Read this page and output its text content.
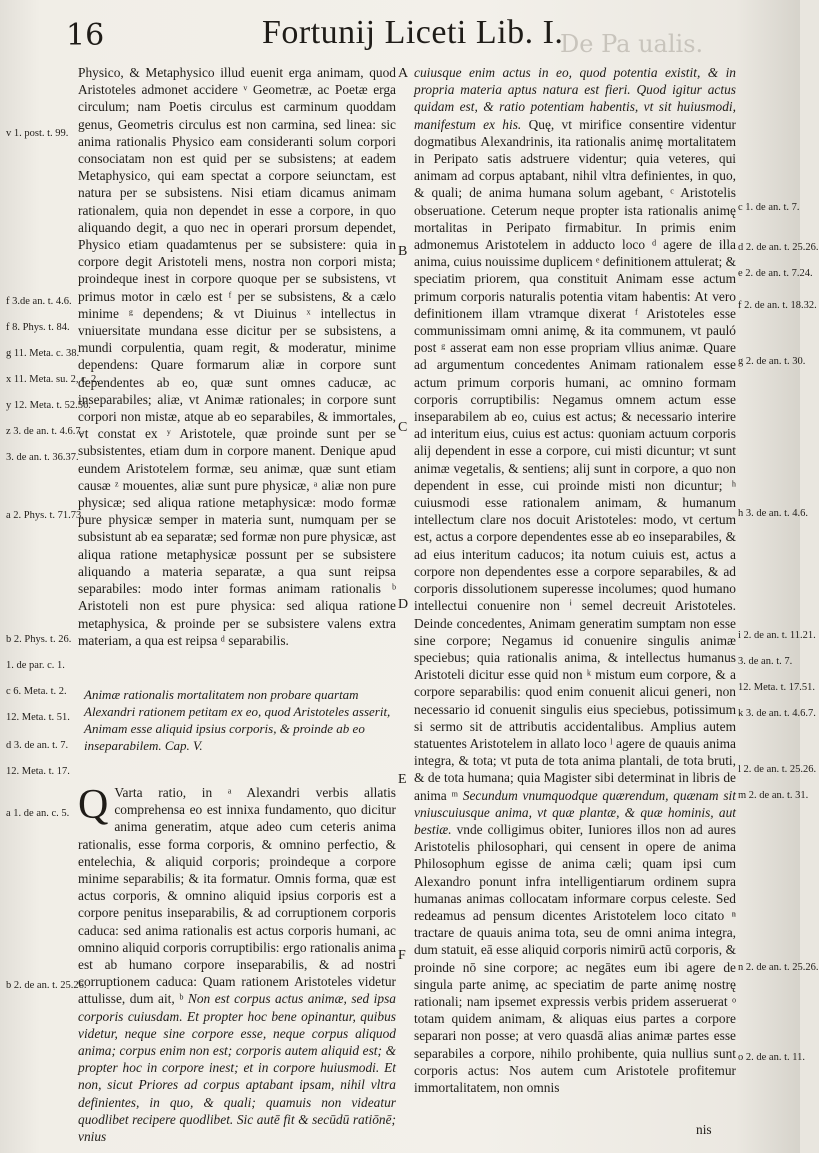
16	Fortunij Liceti Lib. I.
De Pa ualis.

Physico, & Metaphysico illud euenit erga animam, quod Aristoteles admonet accidere ᵛ Geometræ, ac Poetæ erga circulum; nam Poetis circulus est carminum quoddam genus, Geometris circulus est non carmina, sed linea: sic anima rationalis Physico eam consideranti solum corpori consociatam non est quid per se subsistens; at eadem Metaphysico, qui eam spectat a corpore seiunctam, est natura per se subsistens. Nisi etiam dicamus animam rationalem, quia non dependet in esse a corpore, in quo aliquando degit, a quo nec in operari prorsum dependet, Physico etiam quadamtenus per se subsistere: quia in corpore degit Aristoteli mens, nostra non corpori mista; proindeque inest in corpore quoque per se subsistens, vt primus motor in cælo est ᶠ per se subsistens, & a cælo minime ᵍ dependens; & vt Diuinus ˣ intellectus in vniuersitate mundana esse dicitur per se subsistens, a mundi corpulentia, quam regit, & moderatur, minime dependens: Quare formarum aliæ in corpore sunt dependentes ab eo, quæ sunt omnes caducæ, ac inseparabiles; aliæ, vt Animæ rationales; in corpore sunt corpori non mistæ, atque ab eo separabiles, & immortales, vt constat ex ʸ Aristotele, quæ proinde sunt per se subsistentes, etiam dum in corpore manent. Denique apud eundem Aristotelem formæ, seu animæ, quæ sunt etiam causæ ᶻ mouentes, aliæ sunt pure physicæ, ᵃ aliæ non pure physicæ; sed aliqua ratione metaphysicæ: modo formæ pure physicæ semper in materia sunt, numquam per se subsistunt ab ea separatæ; sed formæ non pure physicæ, ast aliqua ratione metaphysicæ possunt per se subsistere aliquando a materia separatæ, a qua sunt reipsa separabiles: modo inter formas animam rationalis ᵇ Aristoteli non est pure physica: sed aliqua ratione metaphysica, & proinde per se subsistere valens extra materiam, a qua est reipsa ᵈ separabilis.

Animæ rationalis mortalitatem non probare quartam Alexandri rationem petitam ex eo, quod Aristoteles asserit, Animam esse aliquid ipsius corporis, & proinde ab eo inseparabilem. Cap. V.

Q Varta ratio, in ᵃ Alexandri verbis allatis comprehensa eo est innixa fundamento, quo dicitur anima generatim, atque adeo cum ceteris anima rationalis, esse forma corporis, & omnino perfectio, & entelechia, & aliquid corporis; proindeque a corpore minime separabilis; & ita formatur. Omnis forma, quæ est actus corporis, & omnino aliquid ipsius corporis est a corpore penitus inseparabilis, & ad corruptionem corporis caduca: sed anima rationalis est actus corporis humani, ac omnino aliquid corporis corruptibilis: ergo rationalis anima est ab humano corpore inseparabilis, & ad nostri corruptionem caduca: Quam rationem Aristoteles videtur attulisse, dum ait, ᵇ Non est corpus actus animæ, sed ipsa corporis cuiusdam. Et propter hoc bene opinantur, quibus videtur, neque sine corpore esse, neque corpus aliquod anima; corpus enim non est; corporis autem aliquid est; & propter hoc in corpore inest; et in corpore huiusmodi. Et non, sicut Priores ad corpus aptabant ipsam, nihil vltra definientes, in quo, & quali; quamuis non videatur quodlibet recipere quodlibet. Sic autē fit & secūdū ratiōnē; vnius

cuiusque enim actus in eo, quod potentia existit, & in propria materia aptus natura est fieri. Quod igitur actus quidam est, & ratio potentiam habentis, vt sit huiusmodi, manifestum ex his. Quę, vt mirifice consentire videntur dogmatibus Alexandrinis, ita rationalis animę mortalitatem in Peripato satis adstruere videntur; quia veteres, qui animam ad corpus aptabant, nihil vltra definientes, in quo, & quali; de anima humana solum agebant, ᶜ Aristotelis obseruatione. Ceterum neque propter ista rationalis animę mortalitas in Peripato firmabitur. In primis enim admonemus Aristotelem in adducto loco ᵈ agere de illa anima, cuius nouissime duplicem ᵉ definitionem attulerat; & speciatim priorem, qua constituit Animam esse actum primum corporis naturalis potentia vitam habentis: At vero definitionem illam vtramque dixerat ᶠ Aristoteles esse communissimam omni animę, & ita communem, vt pauló post ᵍ asserat eam non esse propriam vllius animæ. Quare ad argumentum concedentes Animam rationalem esse actum primum corporis humani, ac omnino formam corporis corruptibilis: Negamus omnem actum esse inseparabilem ab eo, cuius est actus; & necessario interire ad interitum eius, cuius est actus: quoniam actuum corporis alij dependent in esse a corpore, cui misti dicuntur; vt sunt animæ vegetalis, & sentiens; alij sunt in corpore, a quo non dependent in esse, cui proinde misti non dicuntur; ʰ cuiusmodi esse rationalem animam, & humanum intellectum clare nos docuit Aristoteles: modo, vt certum est, actus a corpore dependentes esse ab eo inseparabiles, & ad eius interitum caducos; ita notum cuiuis est, actus a corpore non dependentes esse a corpore separabiles, & ad corporis dissolutionem superesse incolumes; quod humano intellectui conuenire non ⁱ semel decreuit Aristoteles. Deinde concedentes, Animam generatim sumptam non esse sine corpore; Negamus id conuenire singulis animæ speciebus; quia rationalis anima, & intellectus humanus Aristoteli dicitur esse quid non ᵏ mistum eum corpore, & a corpore separabilis: quod enim conuenit alicui generi, non necessario id conuenit singulis eius speciebus, potissimum si sermo sit de attributis accidentalibus. Amplius autem statuentes Aristotelem in allato loco ˡ agere de quauis anima integra, & tota; vt puta de tota anima plantali, de tota bruti, & de tota humana; quia Magister sibi determinat in libris de anima ᵐ Secundum vnumquodque quærendum, quænam sit vniuscuiusque anima, vt quæ plantæ, & quæ hominis, aut bestiæ. vnde colligimus obiter, Iuniores illos non ad aures Aristotelis philosophari, qui censent in opere de anima Philosophum egisse de anima cæli; quam ipsi cum Alexandro ponunt infra intelligentiarum ordinem supra humanas animas collocatam informare corpus celeste. Sed redeamus ad pensum dicentes Aristotelem loco citato ⁿ tractare de quauis anima tota, seu de omni anima integra, dum statuit, eā esse aliquid corporis nimirū actū corporis, & proinde nō sine corpore; ac negātes eum ibi agere de singula parte animę, ac speciatim de parte animę nostrę rationali; nam ipsemet expressis verbis pridem asseruerat ᵒ totam quidem animam, & aliquas eius partes a corpore separari non posse; at vero quasdā alias animæ partes esse separabiles a corpore, nihilo prohibente, quia nullius sunt corporis actus: Nos autem cum Aristotele profitemur immortalitatem, non omnis

nis
A
B
C
D
E
F
v 1. post. t. 99.
f 3.de an. t. 4.6.
f 8. Phys. t. 84.
g 11. Meta. c. 38.
x 11. Meta. su. 2, c. 2.
y 12. Meta. t. 52.56.
z 3. de an. t. 4.6.7.
3. de an. t. 36.37.
a 2. Phys. t. 71.73.
b 2. Phys. t. 26.
1. de par. c. 1.
c 6. Meta. t. 2.
12. Meta. t. 51.
d 3. de an. t. 7.
12. Meta. t. 17.
a 1. de an. c. 5.
b 2. de an. t. 25.26.
c 1. de an. t. 7.
d 2. de an. t. 25.26.
e 2. de an. t. 7.24.
f 2. de an. t. 18.32.
g 2. de an. t. 30.
h 3. de an. t. 4.6.
i 2. de an. t. 11.21.
3. de an. t. 7.
12. Meta. t. 17.51.
k 3. de an. t. 4.6.7.
l 2. de an. t. 25.26.
m 2. de an. t. 31.
n 2. de an. t. 25.26.
o 2. de an. t. 11.
